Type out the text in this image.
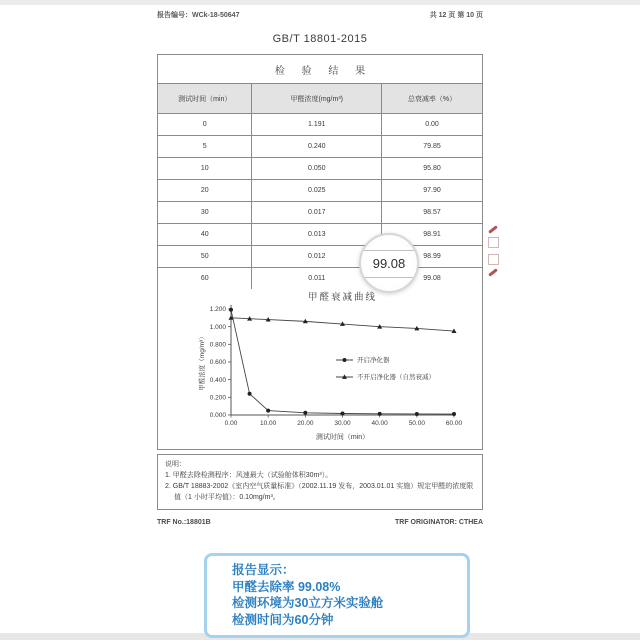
报告编号：WCk-18-50647	共 12 页 第 10 页
GB/T 18801-2015
检 验 结 果
测试时间（min）	甲醛浓度(mg/m³)	总衰减率（%）
0	1.191	0.00
5	0.240	79.85
10	0.050	95.80
20	0.025	97.90
30	0.017	98.57
40	0.013	98.91
50	0.012	98.99
60	0.011	99.08
甲醛衰减曲线
甲醛浓度（mg/m³）
1.200
1.000
0.800
0.600
0.400
0.200
0.000
0.00	10.00	20.00	30.00	40.00	50.00	60.00
测试时间（min）
开启净化器
不开启净化器（自然衰减）
说明：
1. 甲醛去除检测程序：风速最大（试验舱体积30m³）。
2. GB/T 18883-2002《室内空气质量标准》（2002.11.19 发布，2003.01.01 实施）规定甲醛的浓度限值（1 小时平均值）：0.10mg/m³。
TRF No.:18801B	TRF ORIGINATOR: CTHEA
99.08
报告显示：
甲醛去除率 99.08%
检测环境为30立方米实验舱
检测时间为60分钟
